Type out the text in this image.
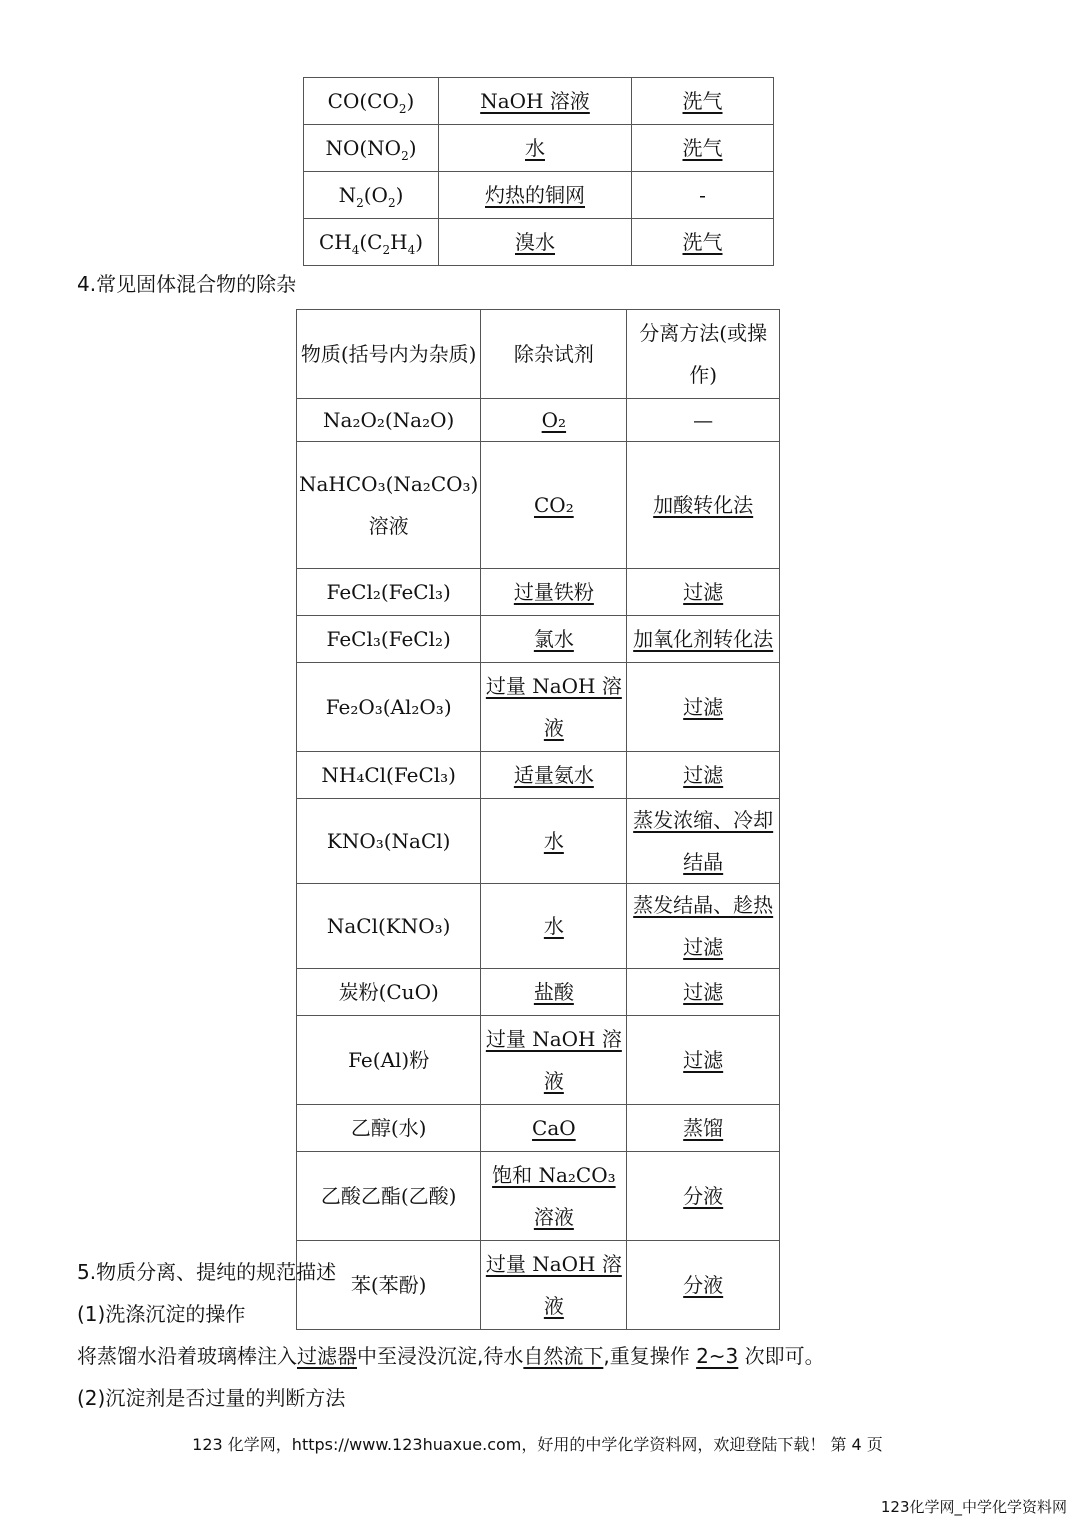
$CO(CO_2)$	NaOH 溶液	洗气
$NO(NO_2)$	水	洗气
$N_2(O_2)$	灼热的铜网	-
$CH_4(C_2H_4)$	溴水	洗气
4.常见固体混合物的除杂
物质(括号内为杂质)	除杂试剂	分离方法(或操作)
Na₂O₂(Na₂O)	O₂	—
NaHCO₃(Na₂CO₃)溶液	CO₂	加酸转化法
FeCl₂(FeCl₃)	过量铁粉	过滤
FeCl₃(FeCl₂)	氯水	加氧化剂转化法
Fe₂O₃(Al₂O₃)	过量 NaOH 溶液	过滤
NH₄Cl(FeCl₃)	适量氨水	过滤
KNO₃(NaCl)	水	蒸发浓缩、冷却结晶
NaCl(KNO₃)	水	蒸发结晶、趁热过滤
炭粉(CuO)	盐酸	过滤
Fe(Al)粉	过量 NaOH 溶液	过滤
乙醇(水)	CaO	蒸馏
乙酸乙酯(乙酸)	饱和 Na₂CO₃ 溶液	分液
苯(苯酚)	过量 NaOH 溶液	分液
5.物质分离、提纯的规范描述
(1)洗涤沉淀的操作
将蒸馏水沿着玻璃棒注入过滤器中至浸没沉淀,待水自然流下,重复操作 2~3 次即可。
(2)沉淀剂是否过量的判断方法
123 化学网，https://www.123huaxue.com，好用的中学化学资料网，欢迎登陆下载！ 第 4 页
123化学网_中学化学资料网
